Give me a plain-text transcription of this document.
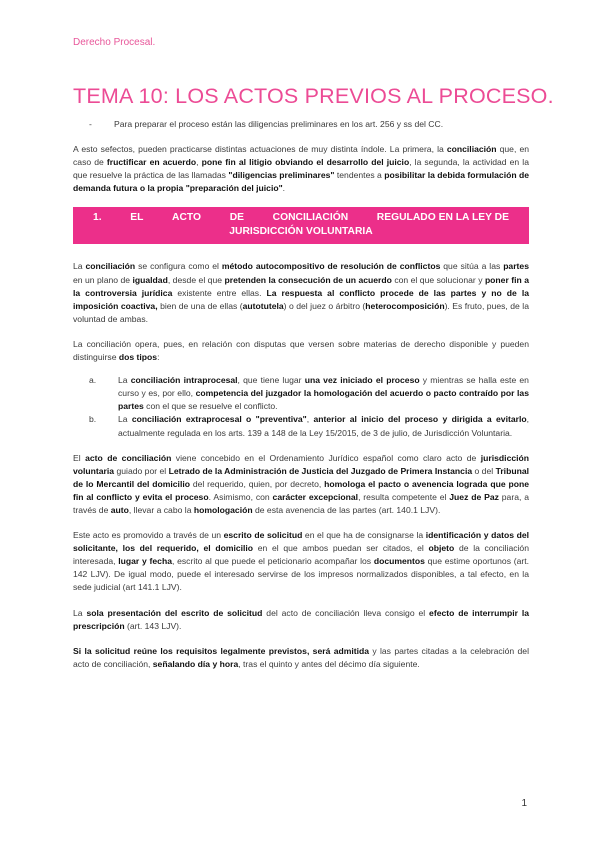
Derecho Procesal.
TEMA 10: LOS ACTOS PREVIOS AL PROCESO.
-	Para preparar el proceso están las diligencias preliminares en los art. 256 y ss del CC.

A esto sefectos, pueden practicarse distintas actuaciones de muy distinta índole. La primera, la conciliación que, en caso de fructificar en acuerdo, pone fin al litigio obviando el desarrollo del juicio, la segunda, la actividad en la que resuelve la práctica de las llamadas "diligencias preliminares" tendentes a posibilitar la debida formulación de demanda futura o la propia "preparación del juicio".

1.	EL	ACTO	DE	CONCILIACIÓN	REGULADO EN LA LEY DE
JURISDICCIÓN VOLUNTARIA

La conciliación se configura como el método autocompositivo de resolución de conflictos que sitúa a las partes en un plano de igualdad, desde el que pretenden la consecución de un acuerdo con el que solucionar y poner fin a la controversia jurídica existente entre ellas. La respuesta al conflicto procede de las partes y no de la imposición coactiva, bien de una de ellas (autotutela) o del juez o árbitro (heterocomposición). Es fruto, pues, de la voluntad de ambas.

La conciliación opera, pues, en relación con disputas que versen sobre materias de derecho disponible y pueden distinguirse dos tipos:

a.	La conciliación intraprocesal, que tiene lugar una vez iniciado el proceso y mientras se halla este en curso y es, por ello, competencia del juzgador la homologación del acuerdo o pacto contraído por las partes con el que se resuelve el conflicto.
b.	La conciliación extraprocesal o "preventiva", anterior al inicio del proceso y dirigida a evitarlo, actualmente regulada en los arts. 139 a 148 de la Ley 15/2015, de 3 de julio, de Jurisdicción Voluntaria.

El acto de conciliación viene concebido en el Ordenamiento Jurídico español como claro acto de jurisdicción voluntaria guiado por el Letrado de la Administración de Justicia del Juzgado de Primera Instancia o del Tribunal de lo Mercantil del domicilio del requerido, quien, por decreto, homologa el pacto o avenencia lograda que pone fin al conflicto y evita el proceso. Asimismo, con carácter excepcional, resulta competente el Juez de Paz para, a través de auto, llevar a cabo la homologación de esta avenencia de las partes (art. 140.1 LJV).

Este acto es promovido a través de un escrito de solicitud en el que ha de consignarse la identificación y datos del solicitante, los del requerido, el domicilio en el que ambos puedan ser citados, el objeto de la conciliación interesada, lugar y fecha, escrito al que puede el peticionario acompañar los documentos que estime oportunos (art. 142 LJV). De igual modo, puede el interesado servirse de los impresos normalizados disponibles, a tal efecto, en la sede judicial (art 141.1 LJV).

La sola presentación del escrito de solicitud del acto de conciliación lleva consigo el efecto de interrumpir la prescripción (art. 143 LJV).

Si la solicitud reúne los requisitos legalmente previstos, será admitida y las partes citadas a la celebración del acto de conciliación, señalando día y hora, tras el quinto y antes del décimo día siguiente.

1
